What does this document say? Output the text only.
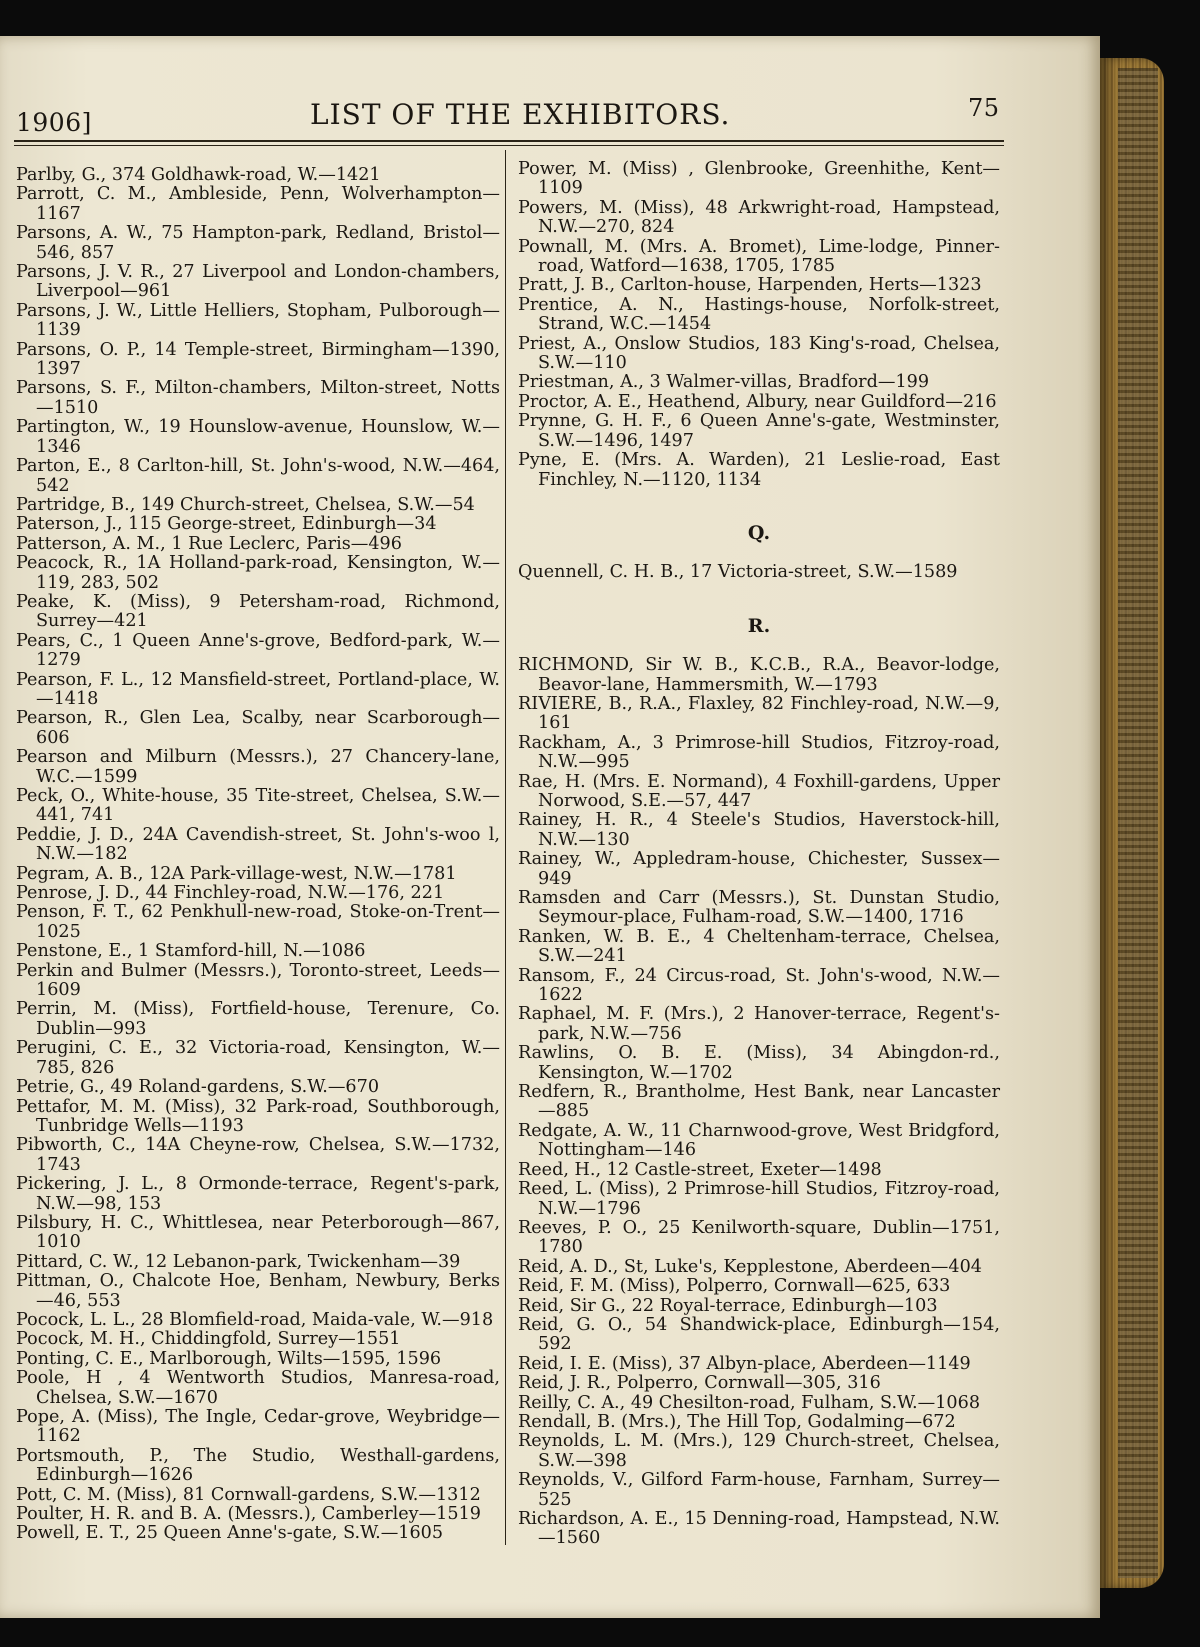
1906]	LIST OF THE EXHIBITORS.	75

Parlby, G., 374 Goldhawk-road, W.—1421

Parrott, C. M., Ambleside, Penn, Wolverhampton—1167

Parsons, A. W., 75 Hampton-park, Redland, Bristol—546, 857

Parsons, J. V. R., 27 Liverpool and London-chambers, Liverpool—961

Parsons, J. W., Little Helliers, Stopham, Pulborough—1139

Parsons, O. P., 14 Temple-street, Birmingham—1390, 1397

Parsons, S. F., Milton-chambers, Milton-street, Notts—1510

Partington, W., 19 Hounslow-avenue, Hounslow, W.—1346

Parton, E., 8 Carlton-hill, St. John's-wood, N.W.—464, 542

Partridge, B., 149 Church-street, Chelsea, S.W.—54

Paterson, J., 115 George-street, Edinburgh—34

Patterson, A. M., 1 Rue Leclerc, Paris—496

Peacock, R., 1A Holland-park-road, Kensington, W.—119, 283, 502

Peake, K. (Miss), 9 Petersham-road, Richmond, Surrey—421

Pears, C., 1 Queen Anne's-grove, Bedford-park, W.—1279

Pearson, F. L., 12 Mansfield-street, Portland-place, W.—1418

Pearson, R., Glen Lea, Scalby, near Scarborough—606

Pearson and Milburn (Messrs.), 27 Chancery-lane, W.C.—1599

Peck, O., White-house, 35 Tite-street, Chelsea, S.W.—441, 741

Peddie, J. D., 24A Cavendish-street, St. John's-woo l, N.W.—182

Pegram, A. B., 12A Park-village-west, N.W.—1781

Penrose, J. D., 44 Finchley-road, N.W.—176, 221

Penson, F. T., 62 Penkhull-new-road, Stoke-on-Trent—1025

Penstone, E., 1 Stamford-hill, N.—1086

Perkin and Bulmer (Messrs.), Toronto-street, Leeds—1609

Perrin, M. (Miss), Fortfield-house, Terenure, Co. Dublin—993

Perugini, C. E., 32 Victoria-road, Kensington, W.—785, 826

Petrie, G., 49 Roland-gardens, S.W.—670

Pettafor, M. M. (Miss), 32 Park-road, Southborough, Tunbridge Wells—1193

Pibworth, C., 14A Cheyne-row, Chelsea, S.W.—1732, 1743

Pickering, J. L., 8 Ormonde-terrace, Regent's-park, N.W.—98, 153

Pilsbury, H. C., Whittlesea, near Peterborough—867, 1010

Pittard, C. W., 12 Lebanon-park, Twickenham—39

Pittman, O., Chalcote Hoe, Benham, Newbury, Berks—46, 553

Pocock, L. L., 28 Blomfield-road, Maida-vale, W.—918

Pocock, M. H., Chiddingfold, Surrey—1551

Ponting, C. E., Marlborough, Wilts—1595, 1596

Poole, H , 4 Wentworth Studios, Manresa-road, Chelsea, S.W.—1670

Pope, A. (Miss), The Ingle, Cedar-grove, Weybridge—1162

Portsmouth, P., The Studio, Westhall-gardens, Edinburgh—1626

Pott, C. M. (Miss), 81 Cornwall-gardens, S.W.—1312

Poulter, H. R. and B. A. (Messrs.), Camberley—1519

Powell, E. T., 25 Queen Anne's-gate, S.W.—1605

Power, M. (Miss) , Glenbrooke, Greenhithe, Kent—1109

Powers, M. (Miss), 48 Arkwright-road, Hampstead, N.W.—270, 824

Pownall, M. (Mrs. A. Bromet), Lime-lodge, Pinner-road, Watford—1638, 1705, 1785

Pratt, J. B., Carlton-house, Harpenden, Herts—1323

Prentice, A. N., Hastings-house, Norfolk-street, Strand, W.C.—1454

Priest, A., Onslow Studios, 183 King's-road, Chelsea, S.W.—110

Priestman, A., 3 Walmer-villas, Bradford—199

Proctor, A. E., Heathend, Albury, near Guildford—216

Prynne, G. H. F., 6 Queen Anne's-gate, Westminster, S.W.—1496, 1497

Pyne, E. (Mrs. A. Warden), 21 Leslie-road, East Finchley, N.—1120, 1134

Q.

Quennell, C. H. B., 17 Victoria-street, S.W.—1589

R.

RICHMOND, Sir W. B., K.C.B., R.A., Beavor-lodge, Beavor-lane, Hammersmith, W.—1793

RIVIERE, B., R.A., Flaxley, 82 Finchley-road, N.W.—9, 161

Rackham, A., 3 Primrose-hill Studios, Fitzroy-road, N.W.—995

Rae, H. (Mrs. E. Normand), 4 Foxhill-gardens, Upper Norwood, S.E.—57, 447

Rainey, H. R., 4 Steele's Studios, Haverstock-hill, N.W.—130

Rainey, W., Appledram-house, Chichester, Sussex—949

Ramsden and Carr (Messrs.), St. Dunstan Studio, Seymour-place, Fulham-road, S.W.—1400, 1716

Ranken, W. B. E., 4 Cheltenham-terrace, Chelsea, S.W.—241

Ransom, F., 24 Circus-road, St. John's-wood, N.W.—1622

Raphael, M. F. (Mrs.), 2 Hanover-terrace, Regent's-park, N.W.—756

Rawlins, O. B. E. (Miss), 34 Abingdon-rd., Kensington, W.—1702

Redfern, R., Brantholme, Hest Bank, near Lancaster—885

Redgate, A. W., 11 Charnwood-grove, West Bridgford, Nottingham—146

Reed, H., 12 Castle-street, Exeter—1498

Reed, L. (Miss), 2 Primrose-hill Studios, Fitzroy-road, N.W.—1796

Reeves, P. O., 25 Kenilworth-square, Dublin—1751, 1780

Reid, A. D., St, Luke's, Kepplestone, Aberdeen—404

Reid, F. M. (Miss), Polperro, Cornwall—625, 633

Reid, Sir G., 22 Royal-terrace, Edinburgh—103

Reid, G. O., 54 Shandwick-place, Edinburgh—154, 592

Reid, I. E. (Miss), 37 Albyn-place, Aberdeen—1149

Reid, J. R., Polperro, Cornwall—305, 316

Reilly, C. A., 49 Chesilton-road, Fulham, S.W.—1068

Rendall, B. (Mrs.), The Hill Top, Godalming—672

Reynolds, L. M. (Mrs.), 129 Church-street, Chelsea, S.W.—398

Reynolds, V., Gilford Farm-house, Farnham, Surrey—525

Richardson, A. E., 15 Denning-road, Hampstead, N.W.—1560
